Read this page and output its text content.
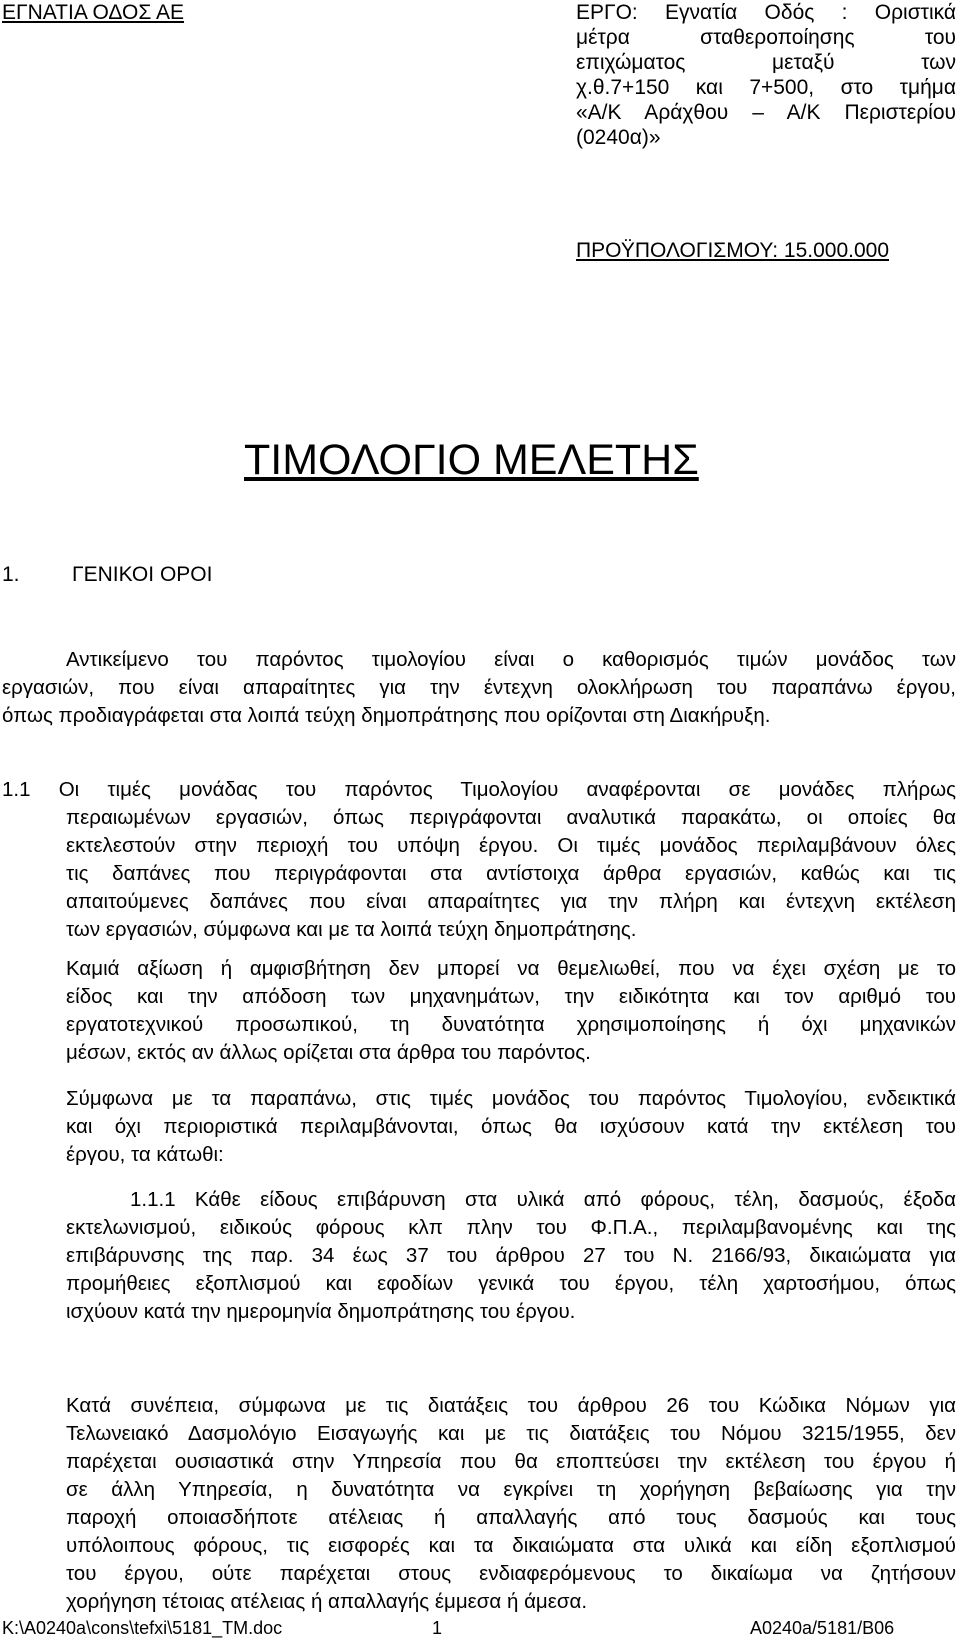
ΕΓΝΑΤΙΑ ΟΔΟΣ ΑΕ	ΕΡΓΟ: Εγνατία Οδός : Οριστικά
μέτρα σταθεροποίησης του
επιχώματος μεταξύ των
χ.θ.7+150 και 7+500, στο τμήμα
«Α/Κ Αράχθου – Α/Κ Περιστερίου
(0240α)»
ΠΡΟΫΠΟΛΟΓΙΣΜΟΥ: 15.000.000
ΤΙΜΟΛΟΓΙΟ ΜΕΛΕΤΗΣ
1. ΓΕΝΙΚΟΙ ΟΡΟΙ
Αντικείμενο του παρόντος τιμολογίου είναι ο καθορισμός τιμών μονάδος των
εργασιών, που είναι απαραίτητες για την έντεχνη ολοκλήρωση του παραπάνω έργου,
όπως προδιαγράφεται στα λοιπά τεύχη δημοπράτησης που ορίζονται στη Διακήρυξη.
1.1 Οι τιμές μονάδας του παρόντος Τιμολογίου αναφέρονται σε μονάδες πλήρως
περαιωμένων εργασιών, όπως περιγράφονται αναλυτικά παρακάτω, οι οποίες θα
εκτελεστούν στην περιοχή του υπόψη έργου. Οι τιμές μονάδος περιλαμβάνουν όλες
τις δαπάνες που περιγράφονται στα αντίστοιχα άρθρα εργασιών, καθώς και τις
απαιτούμενες δαπάνες που είναι απαραίτητες για την πλήρη και έντεχνη εκτέλεση
των εργασιών, σύμφωνα και με τα λοιπά τεύχη δημοπράτησης.
Καμιά αξίωση ή αμφισβήτηση δεν μπορεί να θεμελιωθεί, που να έχει σχέση με το
είδος και την απόδοση των μηχανημάτων, την ειδικότητα και τον αριθμό του
εργατοτεχνικού προσωπικού, τη δυνατότητα χρησιμοποίησης ή όχι μηχανικών
μέσων, εκτός αν άλλως ορίζεται στα άρθρα του παρόντος.
Σύμφωνα με τα παραπάνω, στις τιμές μονάδος του παρόντος Τιμολογίου, ενδεικτικά
και όχι περιοριστικά περιλαμβάνονται, όπως θα ισχύσουν κατά την εκτέλεση του
έργου, τα κάτωθι:
1.1.1 Κάθε είδους επιβάρυνση στα υλικά από φόρους, τέλη, δασμούς, έξοδα
εκτελωνισμού, ειδικούς φόρους κλπ πλην του Φ.Π.Α., περιλαμβανομένης και της
επιβάρυνσης της παρ. 34 έως 37 του άρθρου 27 του Ν. 2166/93, δικαιώματα για
προμήθειες εξοπλισμού και εφοδίων γενικά του έργου, τέλη χαρτοσήμου, όπως
ισχύουν κατά την ημερομηνία δημοπράτησης του έργου.
Κατά συνέπεια, σύμφωνα με τις διατάξεις του άρθρου 26 του Κώδικα Νόμων για
Τελωνειακό Δασμολόγιο Εισαγωγής και με τις διατάξεις του Νόμου 3215/1955, δεν
παρέχεται ουσιαστικά στην Υπηρεσία που θα εποπτεύσει την εκτέλεση του έργου ή
σε άλλη Υπηρεσία, η δυνατότητα να εγκρίνει τη χορήγηση βεβαίωσης για την
παροχή οποιασδήποτε ατέλειας ή απαλλαγής από τους δασμούς και τους
υπόλοιπους φόρους, τις εισφορές και τα δικαιώματα στα υλικά και είδη εξοπλισμού
του έργου, ούτε παρέχεται στους ενδιαφερόμενους το δικαίωμα να ζητήσουν
χορήγηση τέτοιας ατέλειας ή απαλλαγής έμμεσα ή άμεσα.
K:\A0240a\cons\tefxi\5181_TM.doc	1	A0240a/5181/B06
